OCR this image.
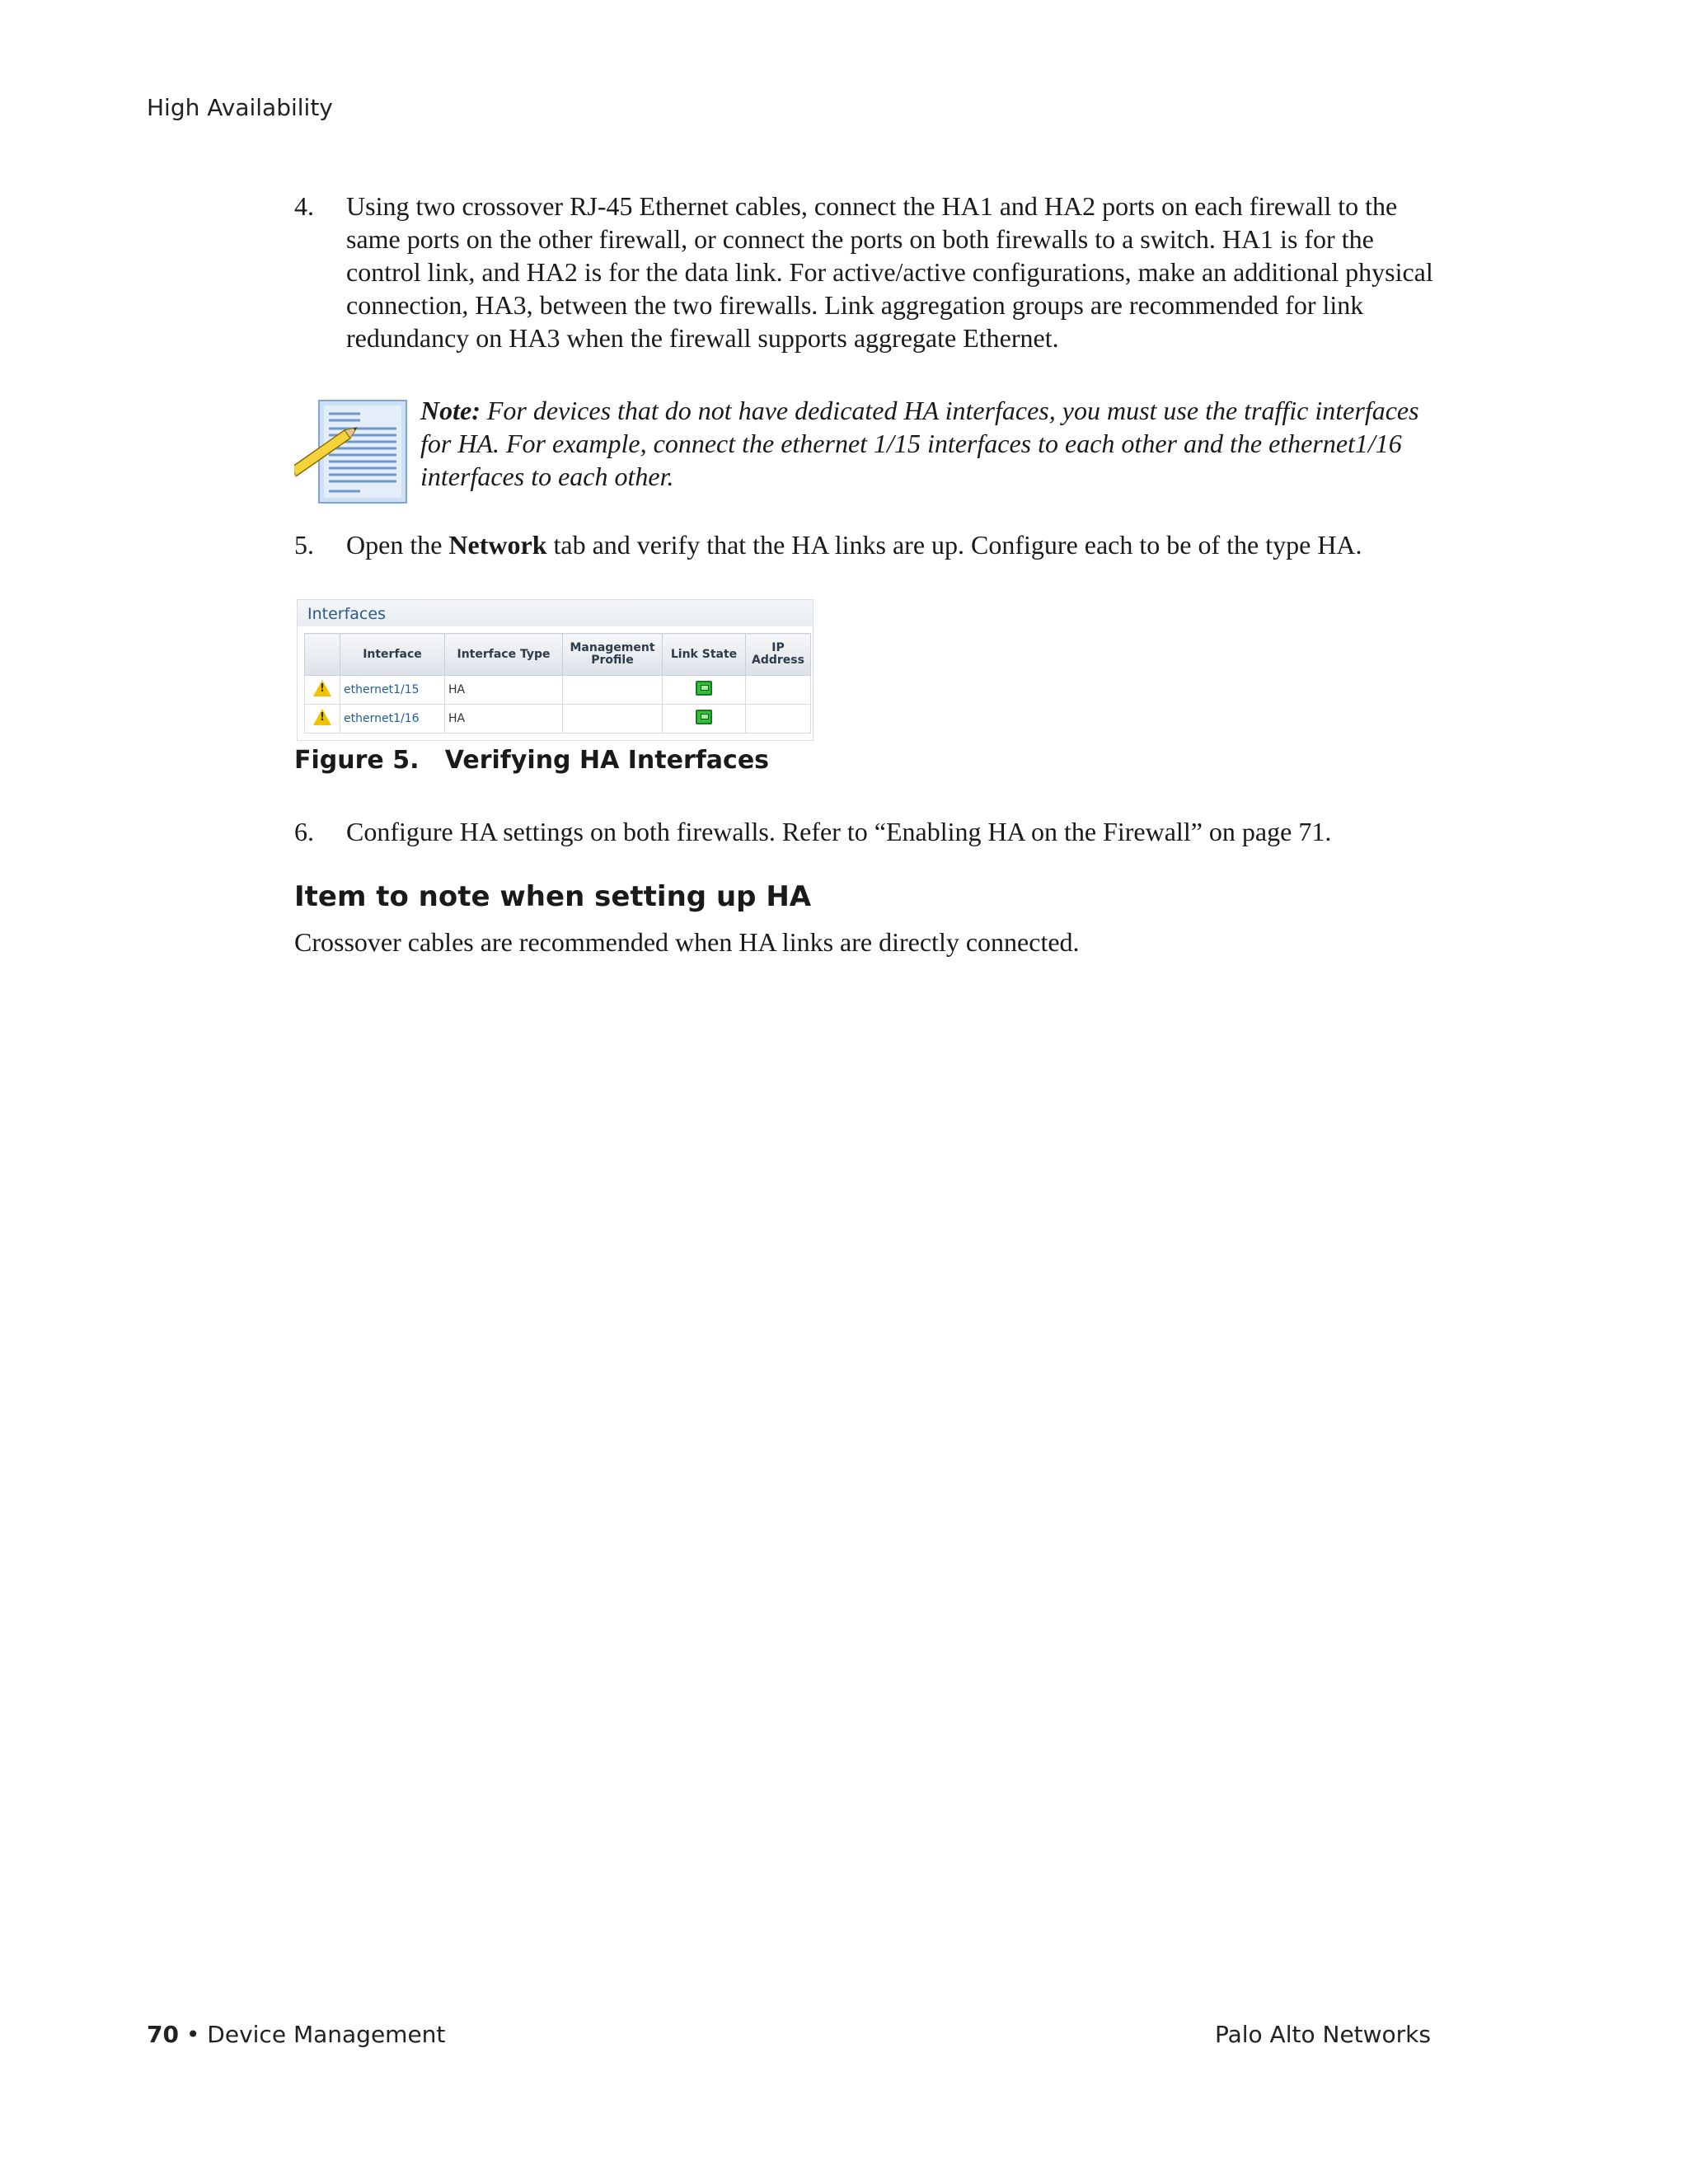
High Availability
4. Using two crossover RJ-45 Ethernet cables, connect the HA1 and HA2 ports on each firewall to the same ports on the other firewall, or connect the ports on both firewalls to a switch. HA1 is for the control link, and HA2 is for the data link. For active/active configurations, make an additional physical connection, HA3, between the two firewalls. Link aggregation groups are recommended for link redundancy on HA3 when the firewall supports aggregate Ethernet.
Note: For devices that do not have dedicated HA interfaces, you must use the traffic interfaces for HA. For example, connect the ethernet 1/15 interfaces to each other and the ethernet1/16 interfaces to each other.
5. Open the Network tab and verify that the HA links are up. Configure each to be of the type HA.
Interfaces
	Interface	Interface Type	Management Profile	Link State	IP Address
!	ethernet1/15	HA			
!	ethernet1/16	HA			
Figure 5.   Verifying HA Interfaces
6. Configure HA settings on both firewalls. Refer to “Enabling HA on the Firewall” on page 71.
Item to note when setting up HA
Crossover cables are recommended when HA links are directly connected.
70 • Device Management	Palo Alto Networks
